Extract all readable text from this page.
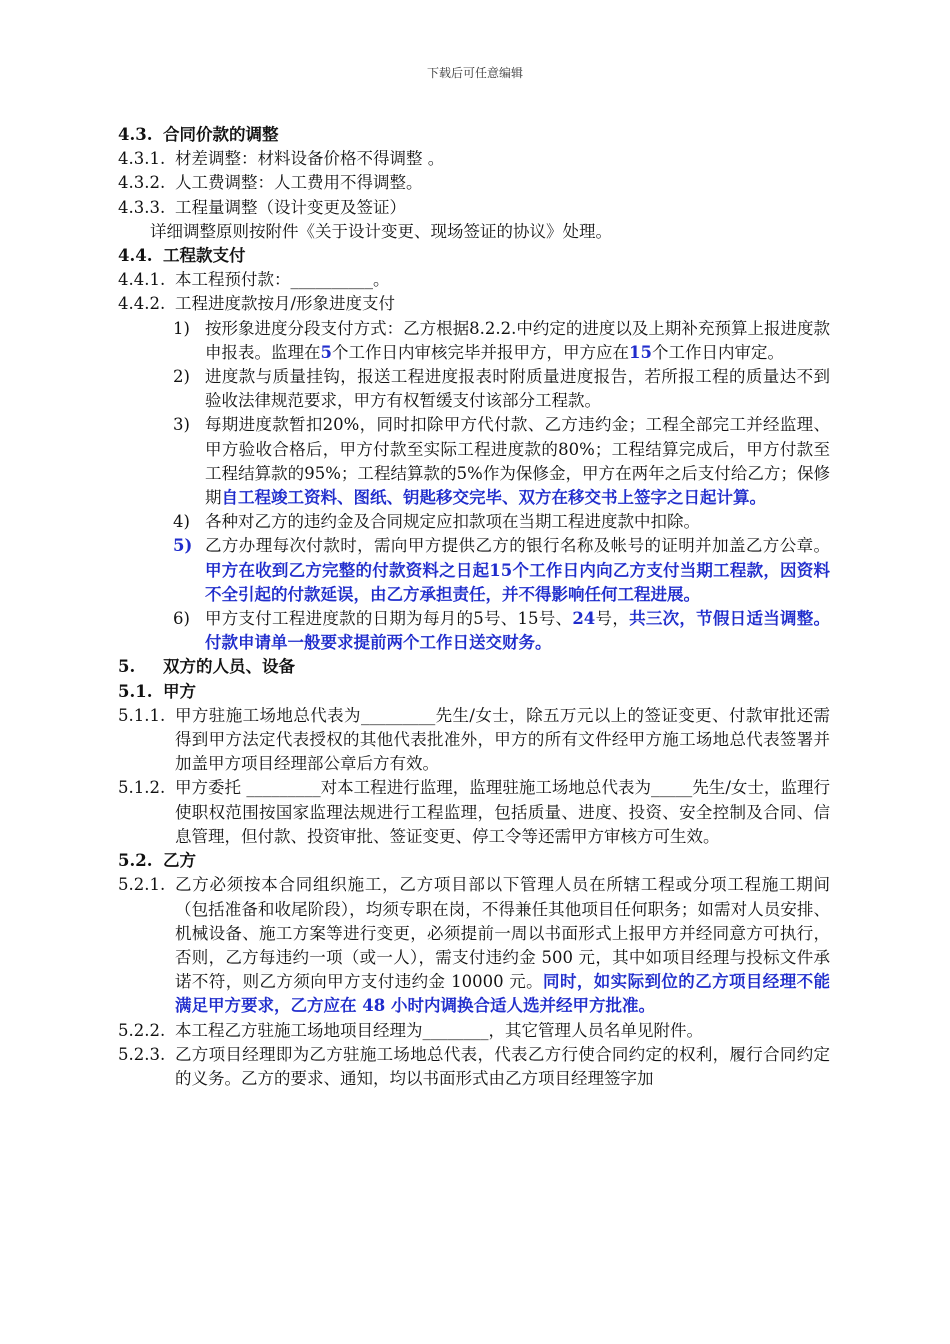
下载后可任意编辑
4.3. 合同价款的调整
4.3.1. 材差调整：材料设备价格不得调整 。
4.3.2. 人工费调整：人工费用不得调整。
4.3.3. 工程量调整（设计变更及签证）
详细调整原则按附件《关于设计变更、现场签证的协议》处理。
4.4. 工程款支付
4.4.1. 本工程预付款：__________。
4.4.2. 工程进度款按月/形象进度支付
1) 按形象进度分段支付方式：乙方根据8.2.2.中约定的进度以及上期补充预算上报进度款申报表。监理在5个工作日内审核完毕并报甲方，甲方应在15个工作日内审定。
2) 进度款与质量挂钩，报送工程进度报表时附质量进度报告，若所报工程的质量达不到验收法律规范要求，甲方有权暂缓支付该部分工程款。
3) 每期进度款暂扣20%，同时扣除甲方代付款、乙方违约金；工程全部完工并经监理、甲方验收合格后，甲方付款至实际工程进度款的80%；工程结算完成后，甲方付款至工程结算款的95%；工程结算款的5%作为保修金，甲方在两年之后支付给乙方；保修期自工程竣工资料、图纸、钥匙移交完毕、双方在移交书上签字之日起计算。
4) 各种对乙方的违约金及合同规定应扣款项在当期工程进度款中扣除。
5) 乙方办理每次付款时，需向甲方提供乙方的银行名称及帐号的证明并加盖乙方公章。甲方在收到乙方完整的付款资料之日起15个工作日内向乙方支付当期工程款，因资料不全引起的付款延误，由乙方承担责任，并不得影响任何工程进展。
6) 甲方支付工程进度款的日期为每月的5号、15号、24号，共三次，节假日适当调整。付款申请单一般要求提前两个工作日送交财务。
5.	双方的人员、设备
5.1. 甲方
5.1.1. 甲方驻施工场地总代表为_________先生/女士，除五万元以上的签证变更、付款审批还需得到甲方法定代表授权的其他代表批准外，甲方的所有文件经甲方施工场地总代表签署并加盖甲方项目经理部公章后方有效。
5.1.2. 甲方委托 _________对本工程进行监理，监理驻施工场地总代表为_____先生/女士，监理行使职权范围按国家监理法规进行工程监理，包括质量、进度、投资、安全控制及合同、信息管理，但付款、投资审批、签证变更、停工令等还需甲方审核方可生效。
5.2. 乙方
5.2.1. 乙方必须按本合同组织施工，乙方项目部以下管理人员在所辖工程或分项工程施工期间（包括准备和收尾阶段），均须专职在岗，不得兼任其他项目任何职务；如需对人员安排、机械设备、施工方案等进行变更，必须提前一周以书面形式上报甲方并经同意方可执行，否则，乙方每违约一项（或一人），需支付违约金 500 元，其中如项目经理与投标文件承诺不符，则乙方须向甲方支付违约金 10000 元。同时，如实际到位的乙方项目经理不能满足甲方要求，乙方应在 48 小时内调换合适人选并经甲方批准。
5.2.2. 本工程乙方驻施工场地项目经理为________，其它管理人员名单见附件。
5.2.3. 乙方项目经理即为乙方驻施工场地总代表，代表乙方行使合同约定的权利，履行合同约定的义务。乙方的要求、通知，均以书面形式由乙方项目经理签字加
